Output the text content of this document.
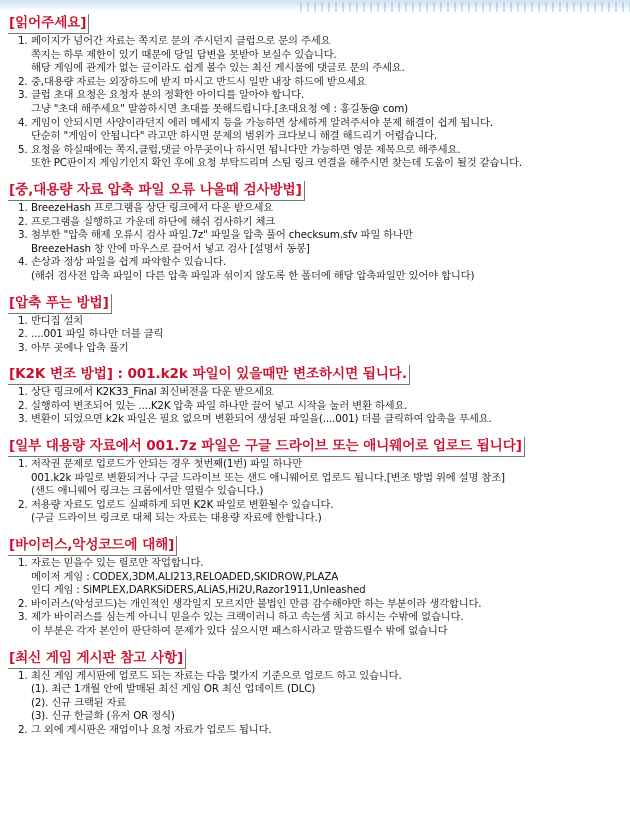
[읽어주세요]
1. 페이지가 넘어간 자료는 쪽지로 문의 주시던지 클럽으로 문의 주세요
쪽지는 하루 제한이 있기 때문에 당일 답변을 못받아 보실수 있습니다.
해당 게임에 관계가 없는 글이라도 쉽게 볼수 있는 최신 게시물에 댓글로 문의 주세요.
2. 중,대용량 자료는 외장하드에 받지 마시고 반드시 일반 내장 하드에 받으세요
3. 클럽 초대 요청은 요청자 분의 정확한 아이디를 알아야 합니다.
그냥 "초대 해주세요" 말씀하시면 초대를 못해드립니다.[초대요청 예 : 홍길동@ com)
4. 게임이 안되시면 사양이라던지 에러 메세지 등을 가능하면 상세하게 알려주셔야 문제 해결이 쉽게 됩니다.
단순히 "게임이 안됩니다" 라고만 하시면 문제의 범위가 크다보니 해결 해드리기 어렵습니다.
5. 요청을 하실때에는 쪽지,클럽,댓글 아무곳이나 하시면 됩니다만 가능하면 영문 제목으로 해주세요.
또한 PC판이지 게임기인지 확인 후에 요청 부탁드리며 스팀 링크 연결을 해주시면 찾는데 도움이 될것 같습니다.
[중,대용량 자료 압축 파일 오류 나올때 검사방법]
1. BreezeHash 프로그램을 상단 링크에서 다운 받으세요
2. 프로그램을 실행하고 가운데 하단에 해쉬 검사하기 체크
3. 첨부한 "압축 해제 오류시 검사 파일.7z" 파일을 압축 풀어 checksum.sfv 파일 하나만
BreezeHash 창 안에 마우스로 끌어서 넣고 검사 [설명서 동봉]
4. 손상과 정상 파일을 쉽게 파악할수 있습니다.
(해쉬 검사전 압축 파일이 다른 압축 파일과 섞이지 않도록 한 폴더에 해당 압축파일만 있어야 합니다)
[압축 푸는 방법]
1. 반디집 설치
2. ....001 파일 하나만 더블 클릭
3. 아무 곳에나 압축 풀기
[K2K 변조 방법] : 001.k2k 파일이 있을때만 변조하시면 됩니다.
1. 상단 링크에서 K2K33_Final 최신버전을 다운 받으세요
2. 실행하여 변조되어 있는 ....K2K 압축 파일 하나만 끌어 넣고 시작을 눌러 변환 하세요.
3. 변환이 되었으면 k2k 파일은 필요 없으며 변환되어 생성된 파일을(....001) 더블 클릭하여 압축을 푸세요.
[일부 대용량 자료에서 001.7z 파일은 구글 드라이브 또는 애니웨어로 업로드 됩니다]
1. 저작권 문제로 업로드가 안되는 경우 첫번째(1번) 파일 하나만
001.k2k 파일로 변환되거나 구글 드라이브 또는 샌드 애니웨어로 업로드 됩니다.[변조 방법 위에 설명 참조]
(샌드 애니웨어 링크는 크롬에서만 열릴수 있습니다.)
2. 저용량 자료도 업로드 실패하게 되면 K2K 파일로 변환될수 있습니다.
(구글 드라이브 링크로 대체 되는 자료는 대용량 자료에 한합니다.)
[바이러스,악성코드에 대해]
1. 자료는 믿을수 있는 릴로만 작업합니다.
메이저 게임 : CODEX,3DM,ALI213,RELOADED,SKIDROW,PLAZA
인디 게임 : SiMPLEX,DARKSiDERS,ALiAS,Hi2U,Razor1911,Unleashed
2. 바이러스(악성코드)는 개인적인 생각일지 모르지만 불법인 만큼 감수해야만 하는 부분이라 생각합니다.
3. 제가 바이러스를 심는게 아니니 믿을수 있는 크랙이러니 하고 속는셈 치고 하시는 수밖에 없습니다.
이 부분은 각자 본인이 판단하여 문제가 있다 싶으시면 패스하시라고 말씀드릴수 밖에 없습니다
[최신 게임 게시판 참고 사항]
1. 최신 게임 게시판에 업로드 되는 자료는 다음 몇가지 기준으로 업로드 하고 있습니다.
(1). 최근 1개월 안에 발매된 최신 게임 OR 최신 업데이트 (DLC)
(2). 신규 크랙된 자료
(3). 신규 한글화 (유저 OR 정식)
2. 그 외에 게시판은 재업이나 요청 자료가 업로드 됩니다.
